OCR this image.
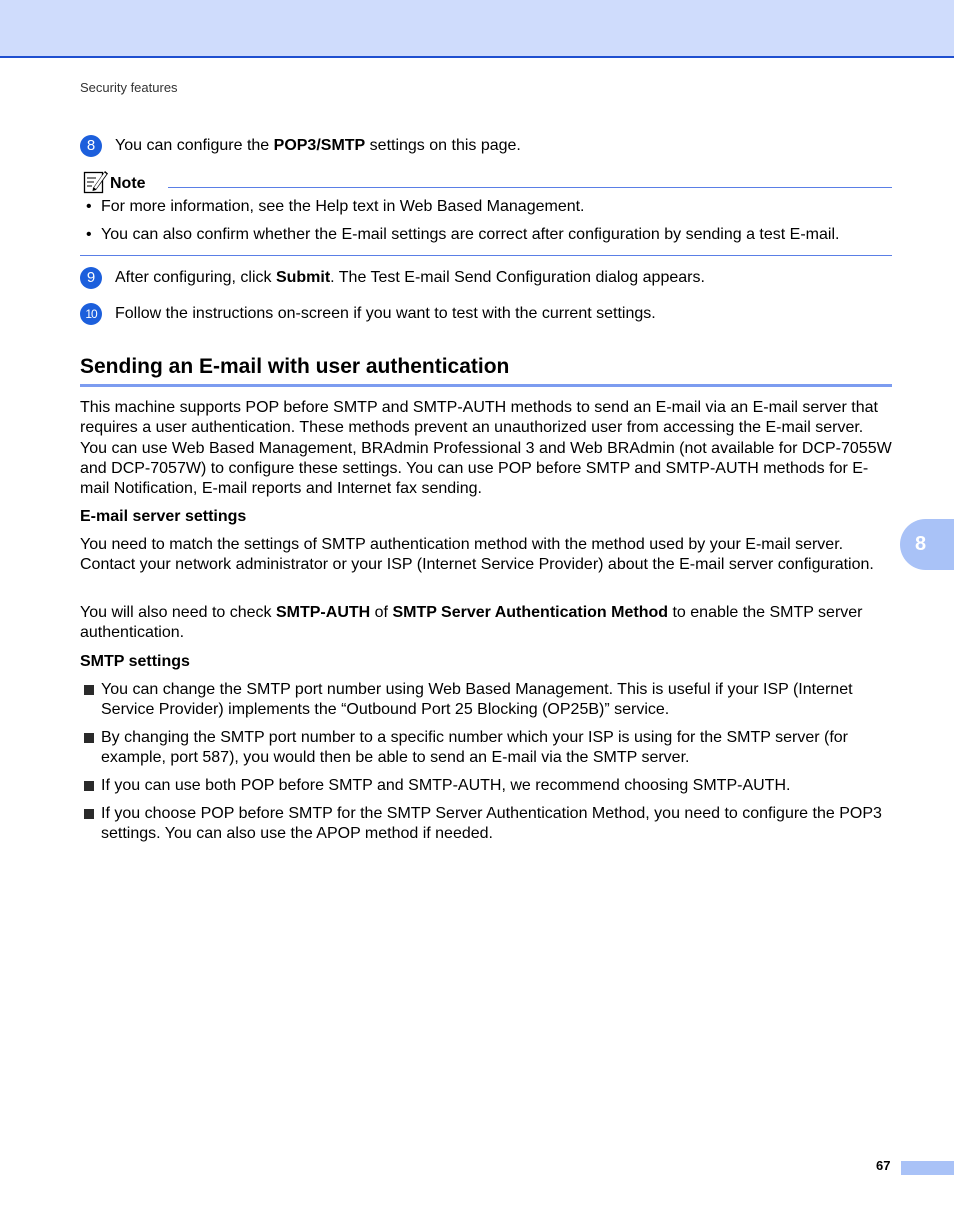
Security features
8	You can configure the POP3/SMTP settings on this page.
Note
• For more information, see the Help text in Web Based Management.
• You can also confirm whether the E-mail settings are correct after configuration by sending a test E-mail.
9	After configuring, click Submit. The Test E-mail Send Configuration dialog appears.
10	Follow the instructions on-screen if you want to test with the current settings.
Sending an E-mail with user authentication
This machine supports POP before SMTP and SMTP-AUTH methods to send an E-mail via an E-mail server that requires a user authentication. These methods prevent an unauthorized user from accessing the E-mail server. You can use Web Based Management, BRAdmin Professional 3 and Web BRAdmin (not available for DCP-7055W and DCP-7057W) to configure these settings. You can use POP before SMTP and SMTP-AUTH methods for E-mail Notification, E-mail reports and Internet fax sending.
E-mail server settings
You need to match the settings of SMTP authentication method with the method used by your E-mail server. Contact your network administrator or your ISP (Internet Service Provider) about the E-mail server configuration.
You will also need to check SMTP-AUTH of SMTP Server Authentication Method to enable the SMTP server authentication.
SMTP settings
You can change the SMTP port number using Web Based Management. This is useful if your ISP (Internet Service Provider) implements the “Outbound Port 25 Blocking (OP25B)” service.
By changing the SMTP port number to a specific number which your ISP is using for the SMTP server (for example, port 587), you would then be able to send an E-mail via the SMTP server.
If you can use both POP before SMTP and SMTP-AUTH, we recommend choosing SMTP-AUTH.
If you choose POP before SMTP for the SMTP Server Authentication Method, you need to configure the POP3 settings. You can also use the APOP method if needed.
8
67
